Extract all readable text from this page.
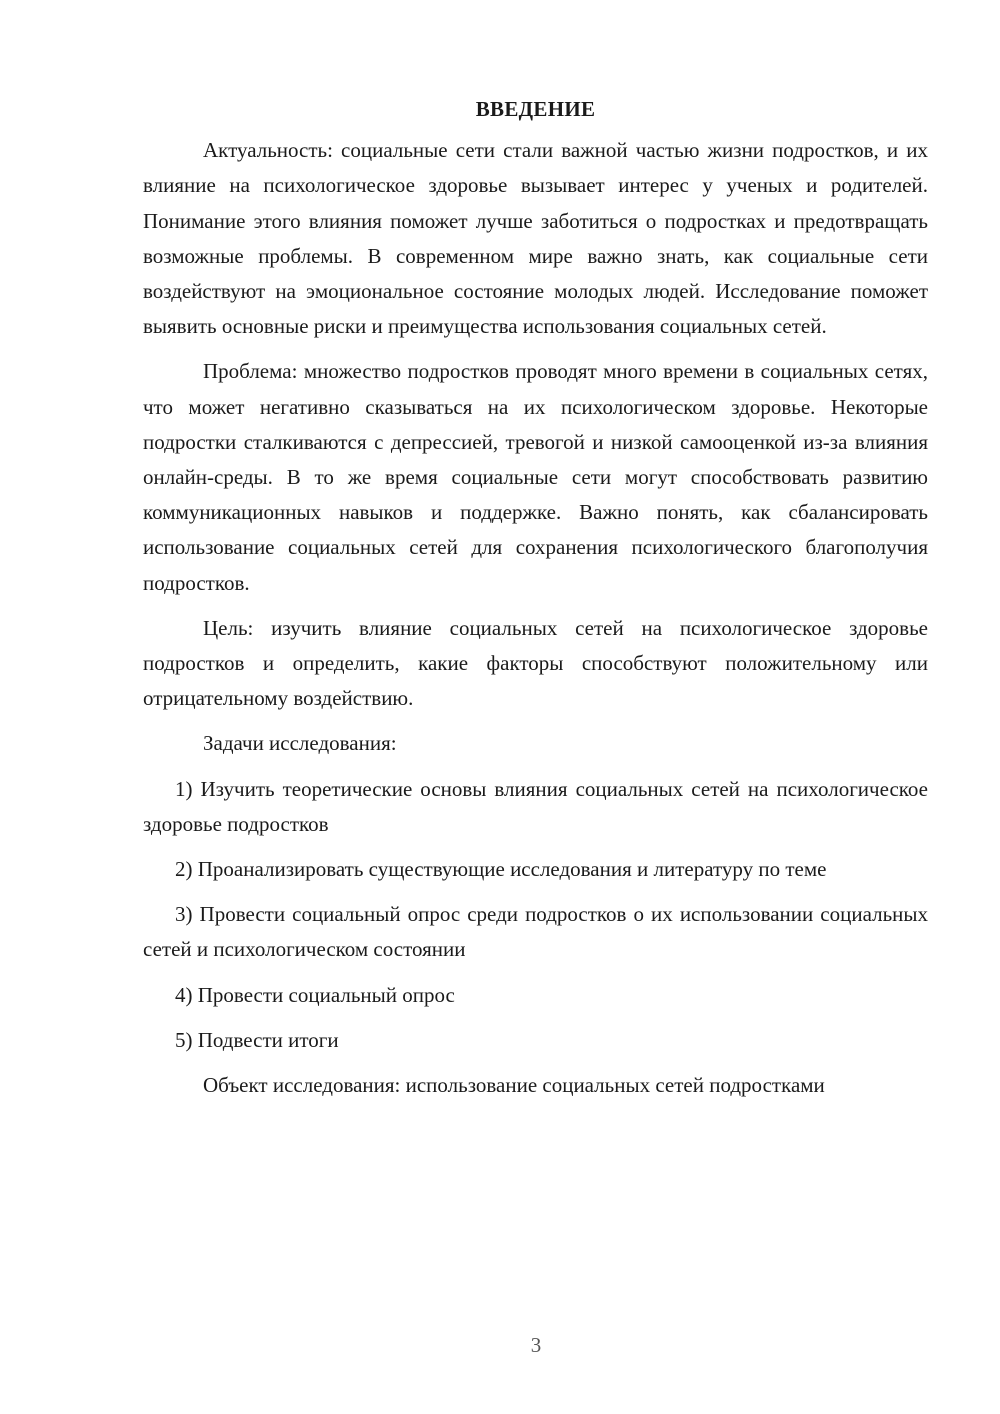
ВВЕДЕНИЕ

Актуальность: социальные сети стали важной частью жизни подростков, и их влияние на психологическое здоровье вызывает интерес у ученых и родителей. Понимание этого влияния поможет лучше заботиться о подростках и предотвращать возможные проблемы. В современном мире важно знать, как социальные сети воздействуют на эмоциональное состояние молодых людей. Исследование поможет выявить основные риски и преимущества использования социальных сетей.

Проблема: множество подростков проводят много времени в социальных сетях, что может негативно сказываться на их психологическом здоровье. Некоторые подростки сталкиваются с депрессией, тревогой и низкой самооценкой из-за влияния онлайн-среды. В то же время социальные сети могут способствовать развитию коммуникационных навыков и поддержке. Важно понять, как сбалансировать использование социальных сетей для сохранения психологического благополучия подростков.

Цель: изучить влияние социальных сетей на психологическое здоровье подростков и определить, какие факторы способствуют положительному или отрицательному воздействию.

Задачи исследования:

1) Изучить теоретические основы влияния социальных сетей на психологическое здоровье подростков

2) Проанализировать существующие исследования и литературу по теме

3) Провести социальный опрос среди подростков о их использовании социальных сетей и психологическом состоянии

4) Провести социальный опрос

5) Подвести итоги

Объект исследования: использование социальных сетей подростками

3
